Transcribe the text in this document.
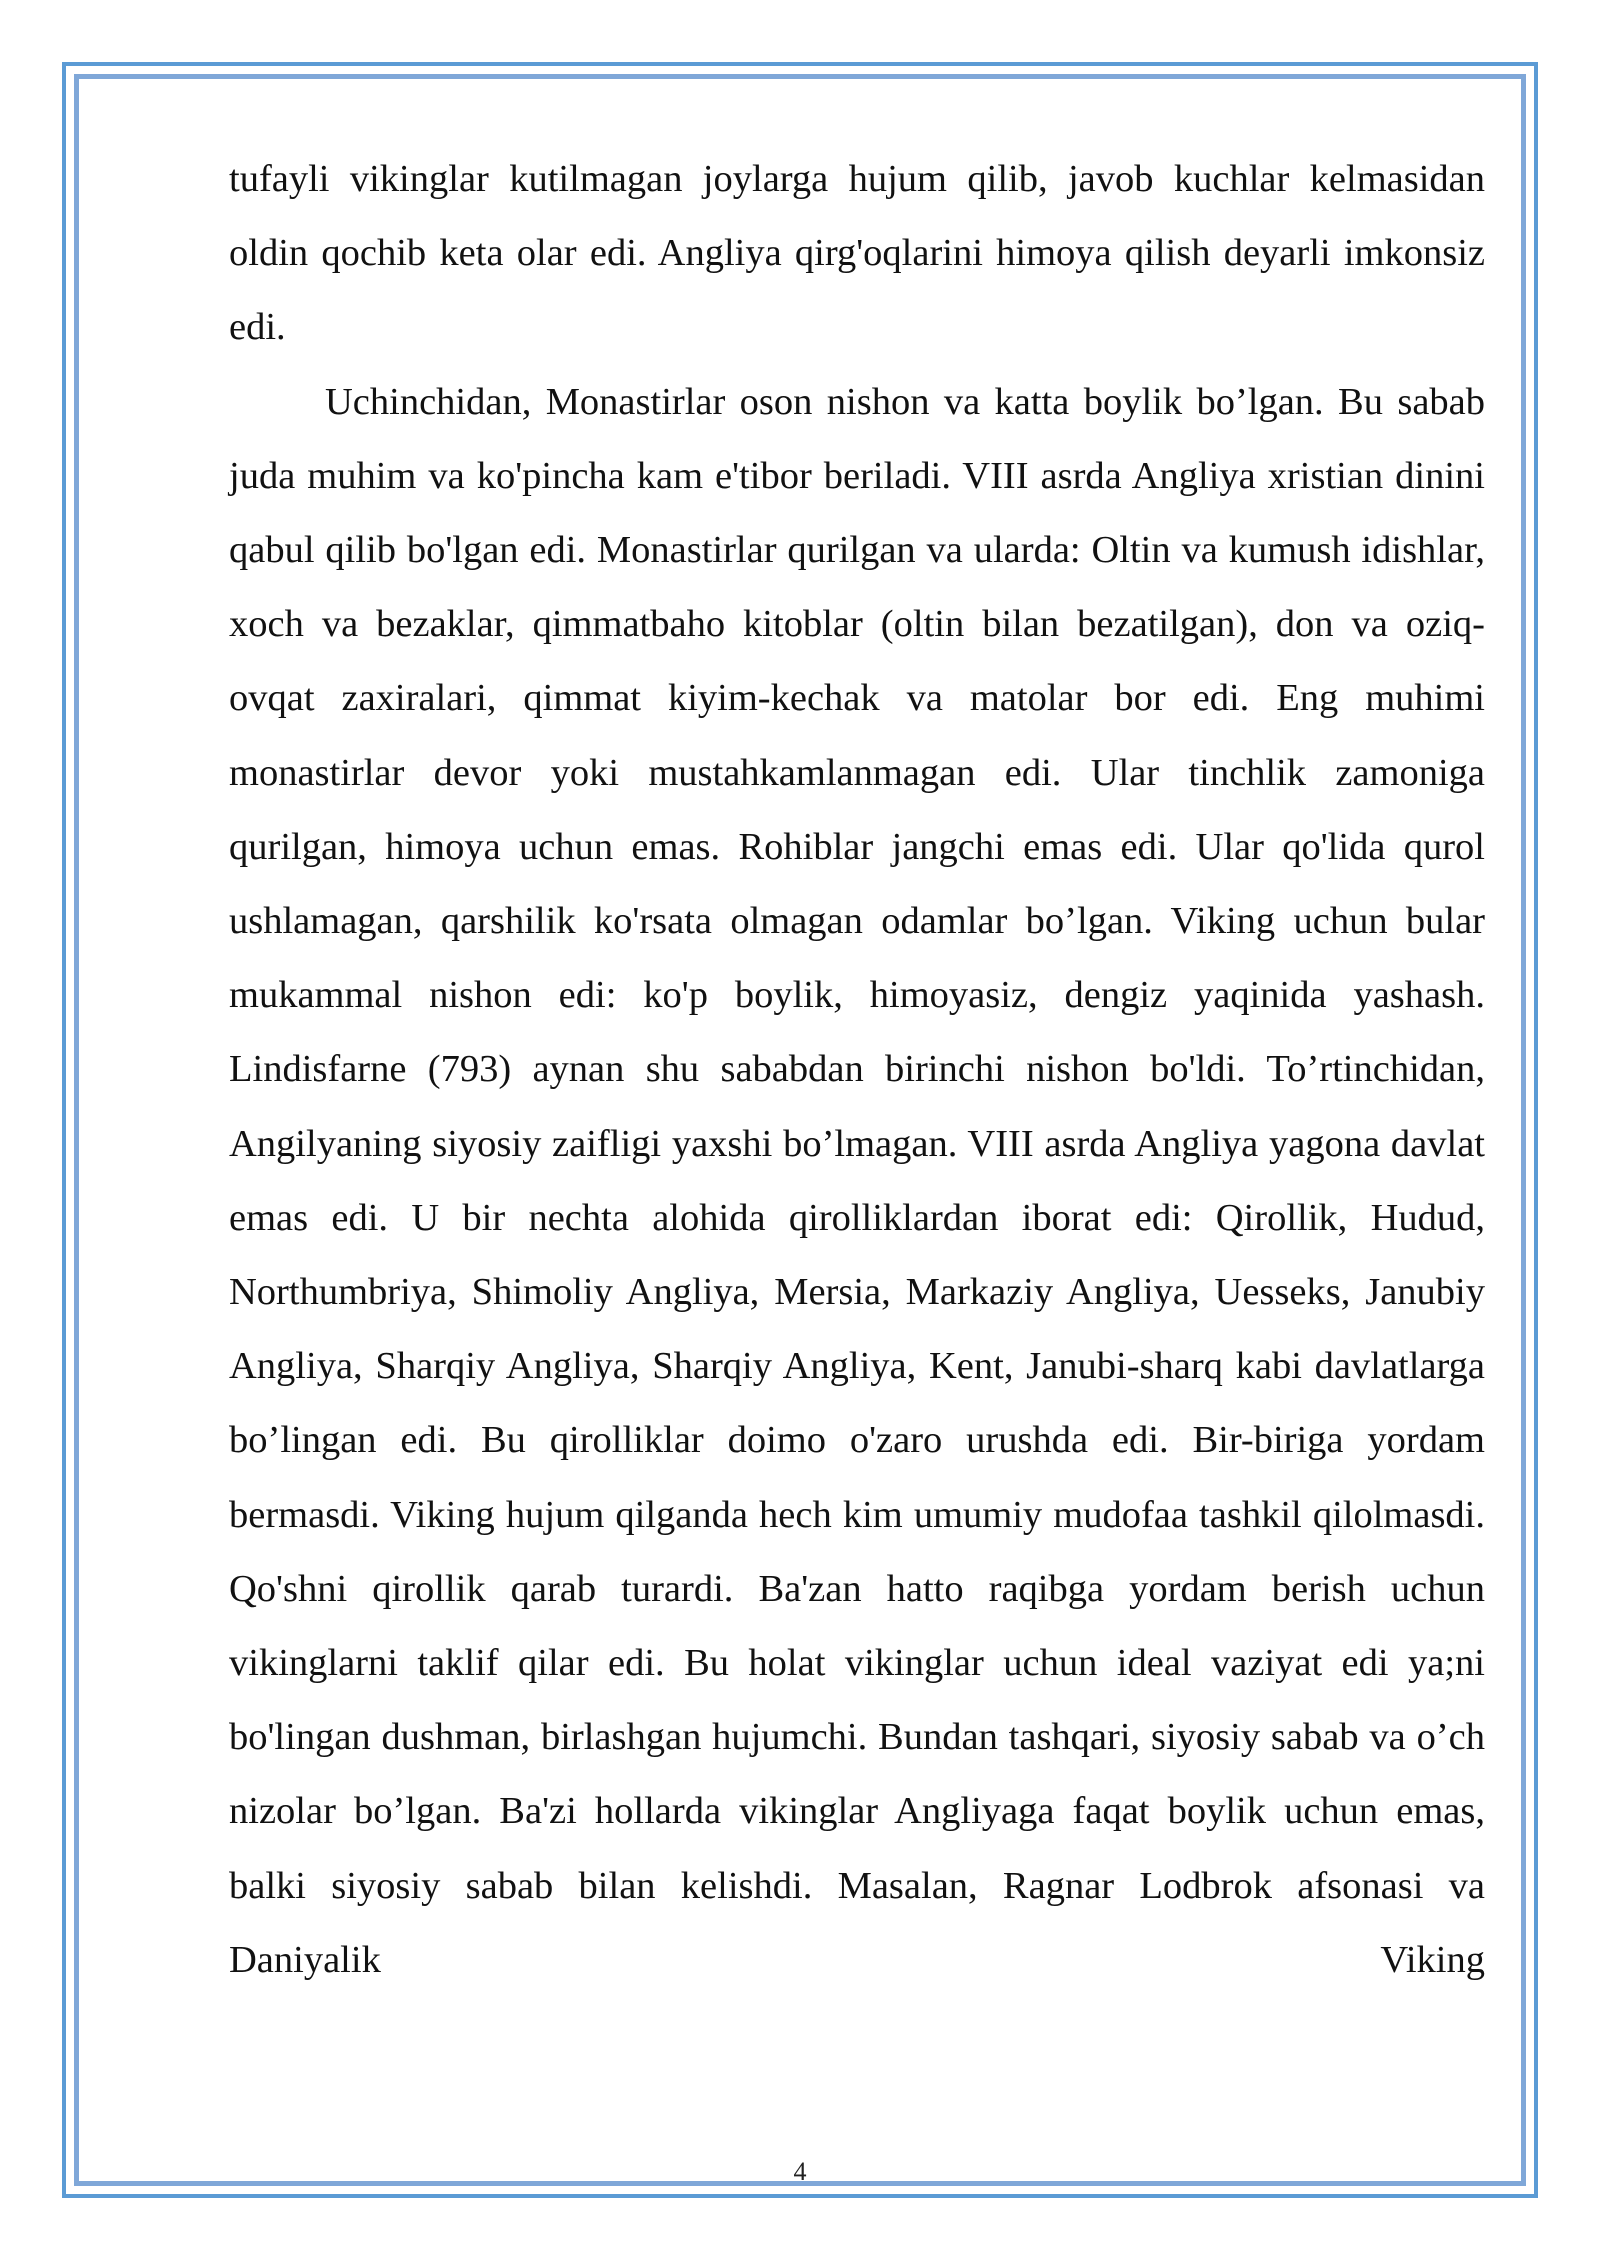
tufayli vikinglar kutilmagan joylarga hujum qilib, javob kuchlar kelmasidan oldin qochib keta olar edi. Angliya qirg'oqlarini himoya qilish deyarli imkonsiz edi.

Uchinchidan, Monastirlar oson nishon va katta boylik bo’lgan. Bu sabab juda muhim va ko'pincha kam e'tibor beriladi. VIII asrda Angliya xristian dinini qabul qilib bo'lgan edi. Monastirlar qurilgan va ularda: Oltin va kumush idishlar, xoch va bezaklar, qimmatbaho kitoblar (oltin bilan bezatilgan), don va oziq-ovqat zaxiralari, qimmat kiyim-kechak va matolar bor edi. Eng muhimi monastirlar devor yoki mustahkamlanmagan edi. Ular tinchlik zamoniga qurilgan, himoya uchun emas. Rohiblar jangchi emas edi. Ular qo'lida qurol ushlamagan, qarshilik ko'rsata olmagan odamlar bo’lgan. Viking uchun bular mukammal nishon edi: ko'p boylik, himoyasiz, dengiz yaqinida yashash. Lindisfarne (793) aynan shu sababdan birinchi nishon bo'ldi. To’rtinchidan, Angilyaning siyosiy zaifligi yaxshi bo’lmagan. VIII asrda Angliya yagona davlat emas edi. U bir nechta alohida qirolliklardan iborat edi: Qirollik, Hudud, Northumbriya, Shimoliy Angliya, Mersia, Markaziy Angliya, Uesseks, Janubiy Angliya, Sharqiy Angliya, Sharqiy Angliya, Kent, Janubi-sharq kabi davlatlarga bo’lingan edi. Bu qirolliklar doimo o'zaro urushda edi. Bir-biriga yordam bermasdi. Viking hujum qilganda hech kim umumiy mudofaa tashkil qilolmasdi. Qo'shni qirollik qarab turardi. Ba'zan hatto raqibga yordam berish uchun vikinglarni taklif qilar edi. Bu holat vikinglar uchun ideal vaziyat edi ya;ni bo'lingan dushman, birlashgan hujumchi. Bundan tashqari, siyosiy sabab va o’ch nizolar bo’lgan. Ba'zi hollarda vikinglar Angliyaga faqat boylik uchun emas, balki siyosiy sabab bilan kelishdi. Masalan, Ragnar Lodbrok afsonasi va Daniyalik Viking

4
